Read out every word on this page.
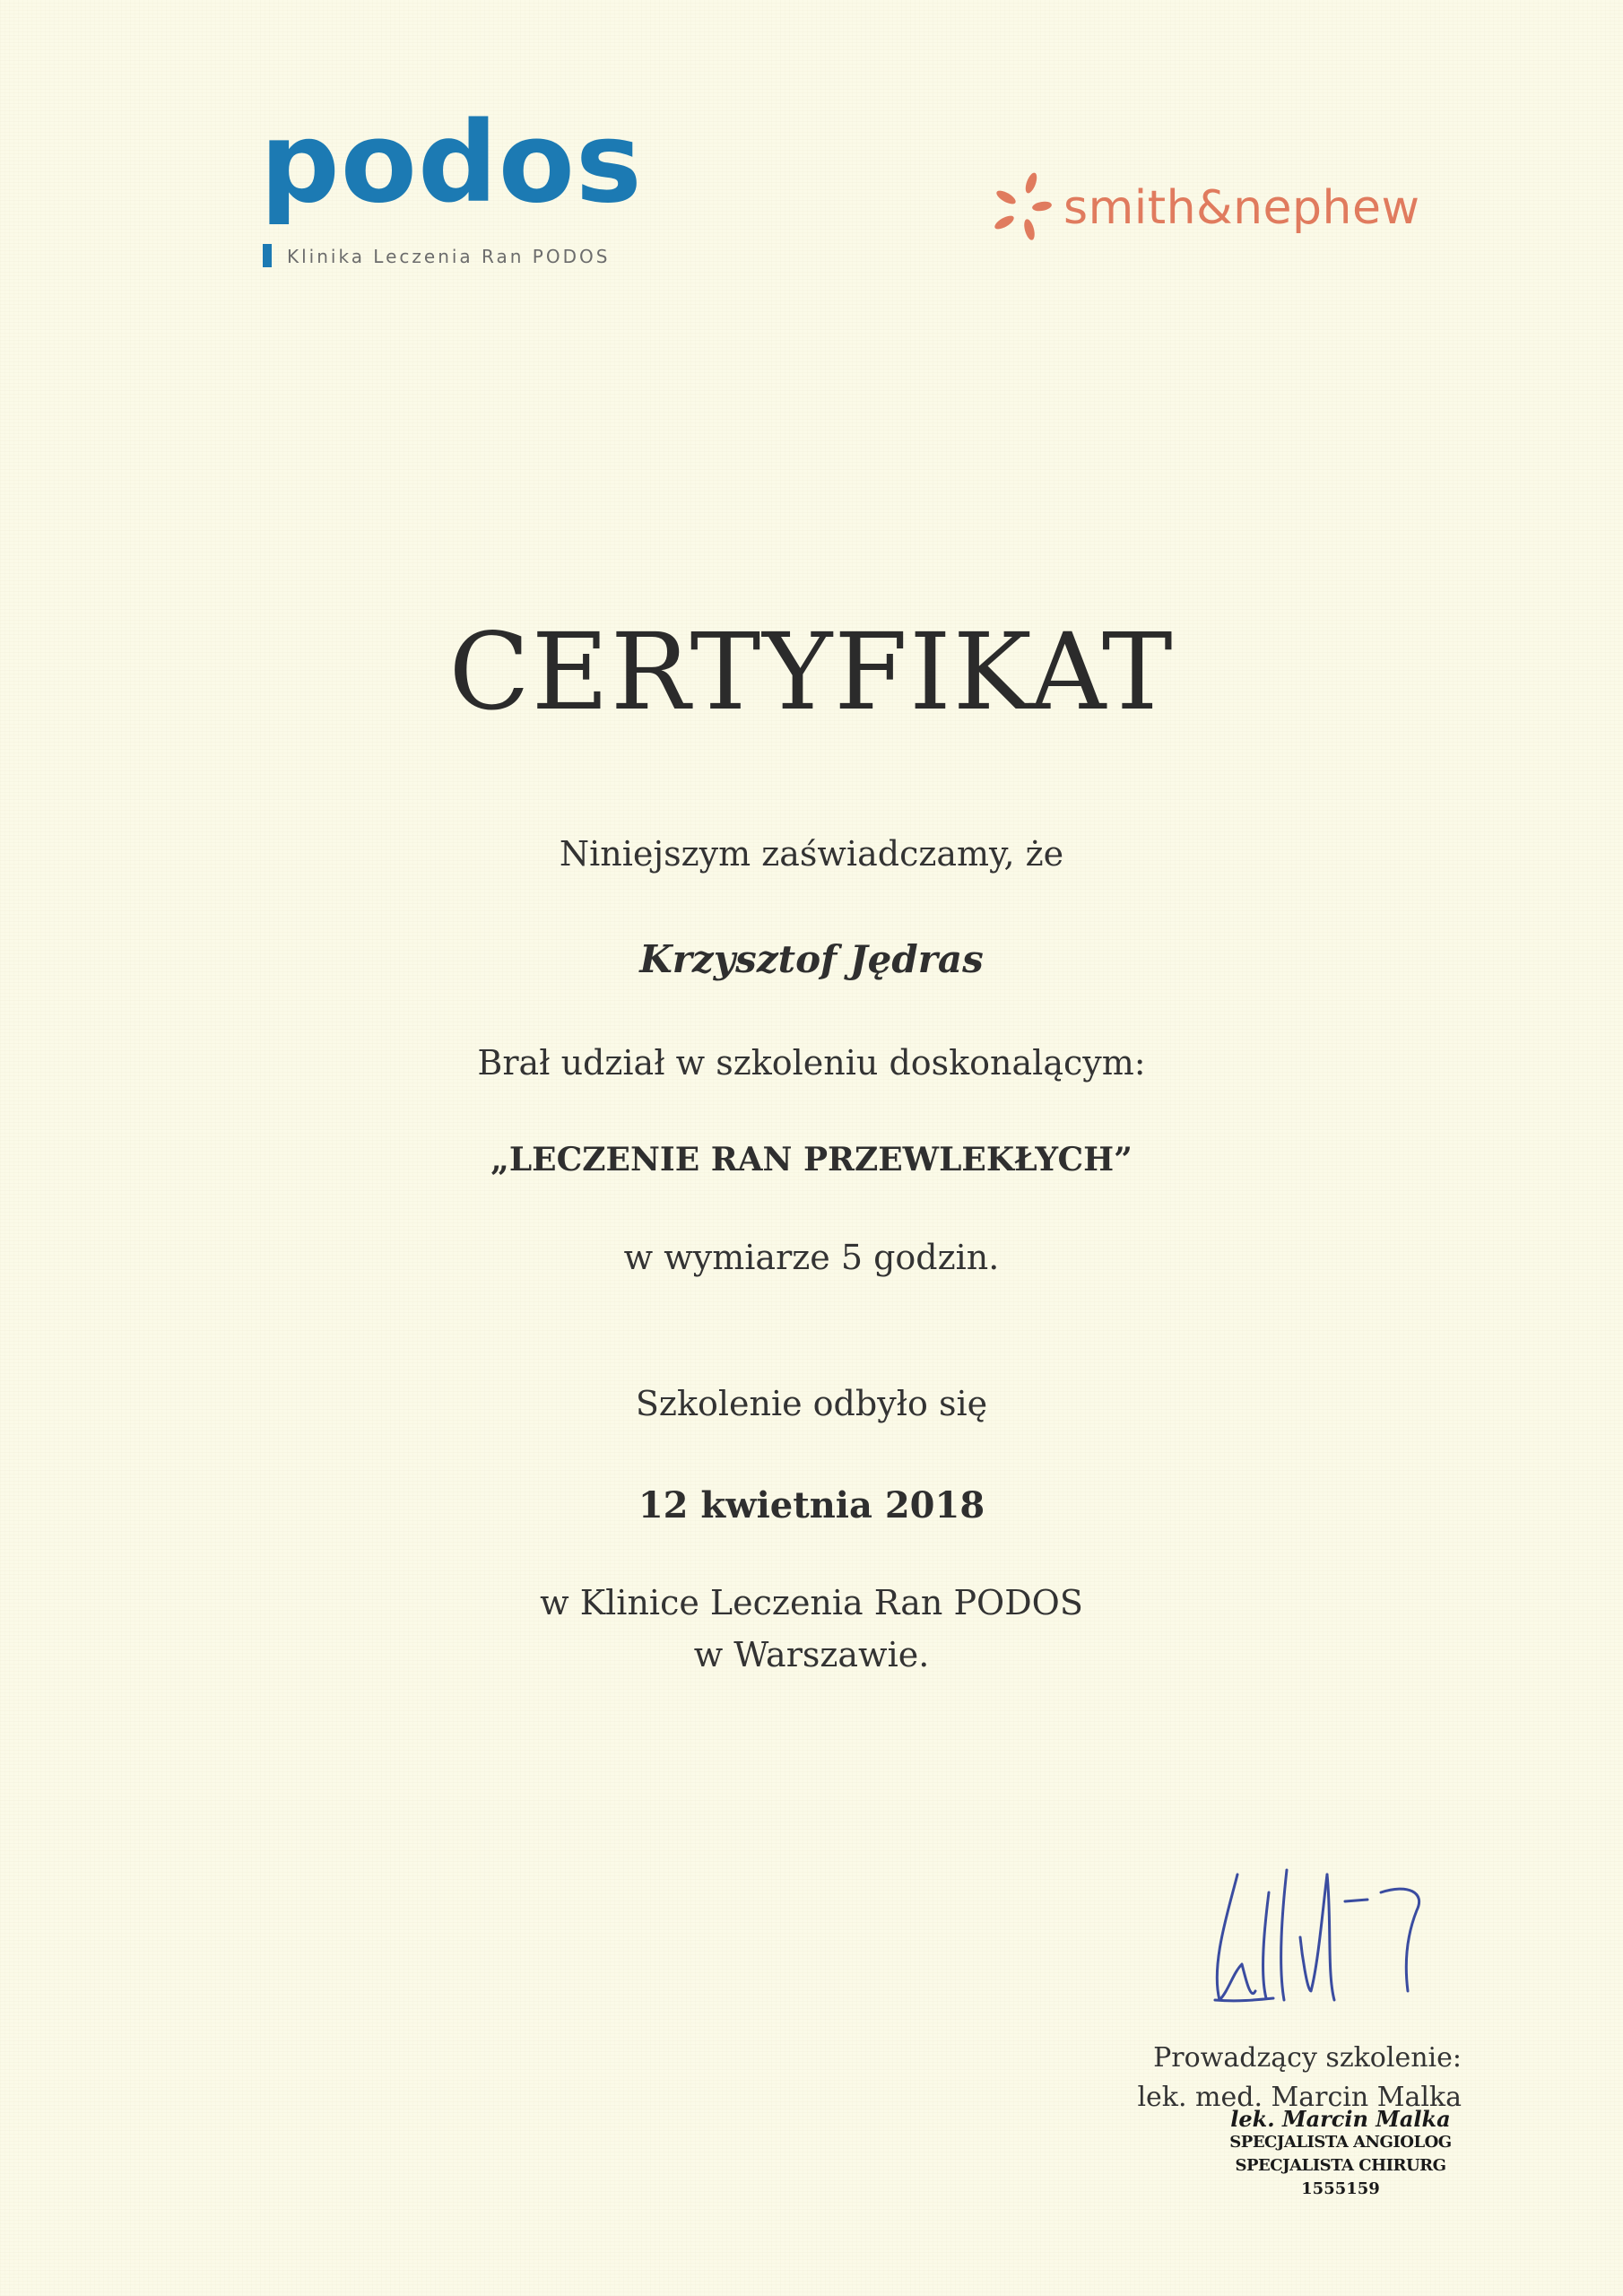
podos
Klinika Leczenia Ran PODOS
smith&nephew
CERTYFIKAT
Niniejszym zaświadczamy, że
Krzysztof Jędras
Brał udział w szkoleniu doskonalącym:
„LECZENIE RAN PRZEWLEKŁYCH”
w wymiarze 5 godzin.
Szkolenie odbyło się
12 kwietnia 2018
w Klinice Leczenia Ran PODOS
w Warszawie.
Prowadzący szkolenie:
lek. med. Marcin Malka
lek. Marcin Malka
SPECJALISTA ANGIOLOG
SPECJALISTA CHIRURG
1555159
